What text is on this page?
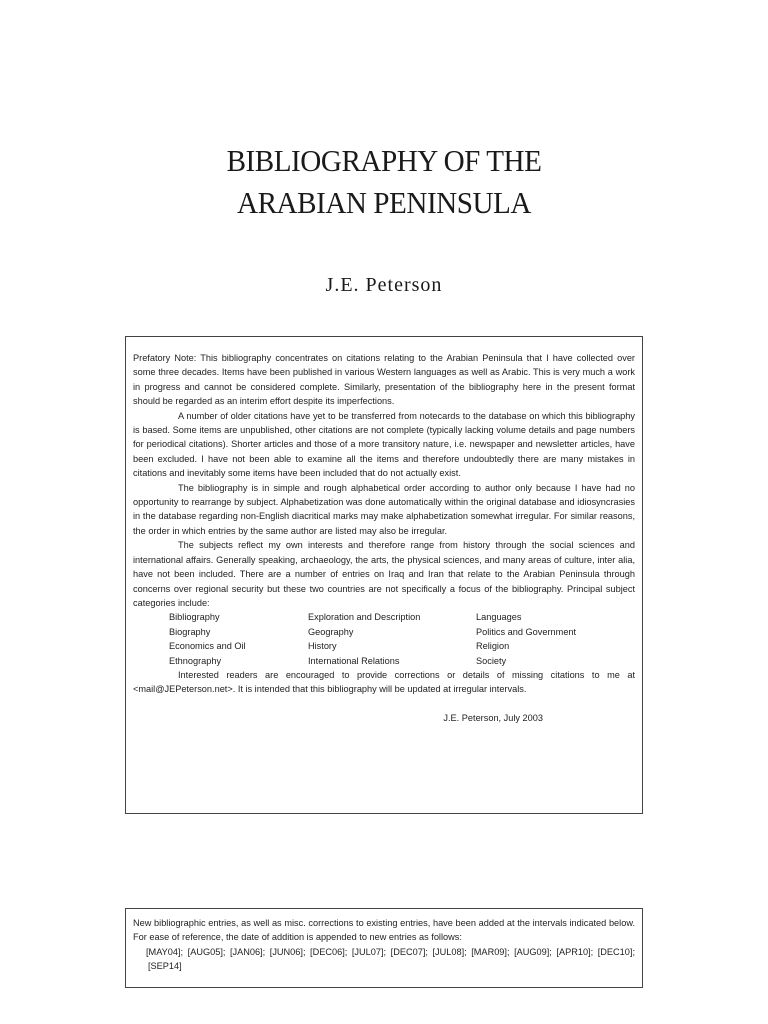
BIBLIOGRAPHY OF THE
ARABIAN PENINSULA
J.E. Peterson

Prefatory Note: This bibliography concentrates on citations relating to the Arabian Peninsula that I have collected over some three decades. Items have been published in various Western languages as well as Arabic. This is very much a work in progress and cannot be considered complete. Similarly, presentation of the bibliography here in the present format should be regarded as an interim effort despite its imperfections.

A number of older citations have yet to be transferred from notecards to the database on which this bibliography is based. Some items are unpublished, other citations are not complete (typically lacking volume details and page numbers for periodical citations). Shorter articles and those of a more transitory nature, i.e. newspaper and newsletter articles, have been excluded. I have not been able to examine all the items and therefore undoubtedly there are many mistakes in citations and inevitably some items have been included that do not actually exist.

The bibliography is in simple and rough alphabetical order according to author only because I have had no opportunity to rearrange by subject. Alphabetization was done automatically within the original database and idiosyncrasies in the database regarding non-English diacritical marks may make alphabetization somewhat irregular. For similar reasons, the order in which entries by the same author are listed may also be irregular.

The subjects reflect my own interests and therefore range from history through the social sciences and international affairs. Generally speaking, archaeology, the arts, the physical sciences, and many areas of culture, inter alia, have not been included. There are a number of entries on Iraq and Iran that relate to the Arabian Peninsula through concerns over regional security but these two countries are not specifically a focus of the bibliography. Principal subject categories include:

Bibliography	Exploration and Description	Languages
Biography	Geography	Politics and Government
Economics and Oil	History	Religion
Ethnography	International Relations	Society

Interested readers are encouraged to provide corrections or details of missing citations to me at <mail@JEPeterson.net>. It is intended that this bibliography will be updated at irregular intervals.

J.E. Peterson, July 2003

New bibliographic entries, as well as misc. corrections to existing entries, have been added at the intervals indicated below. For ease of reference, the date of addition is appended to new entries as follows:

[MAY04]; [AUG05]; [JAN06]; [JUN06]; [DEC06]; [JUL07]; [DEC07]; [JUL08]; [MAR09]; [AUG09]; [APR10]; [DEC10]; [SEP14]
